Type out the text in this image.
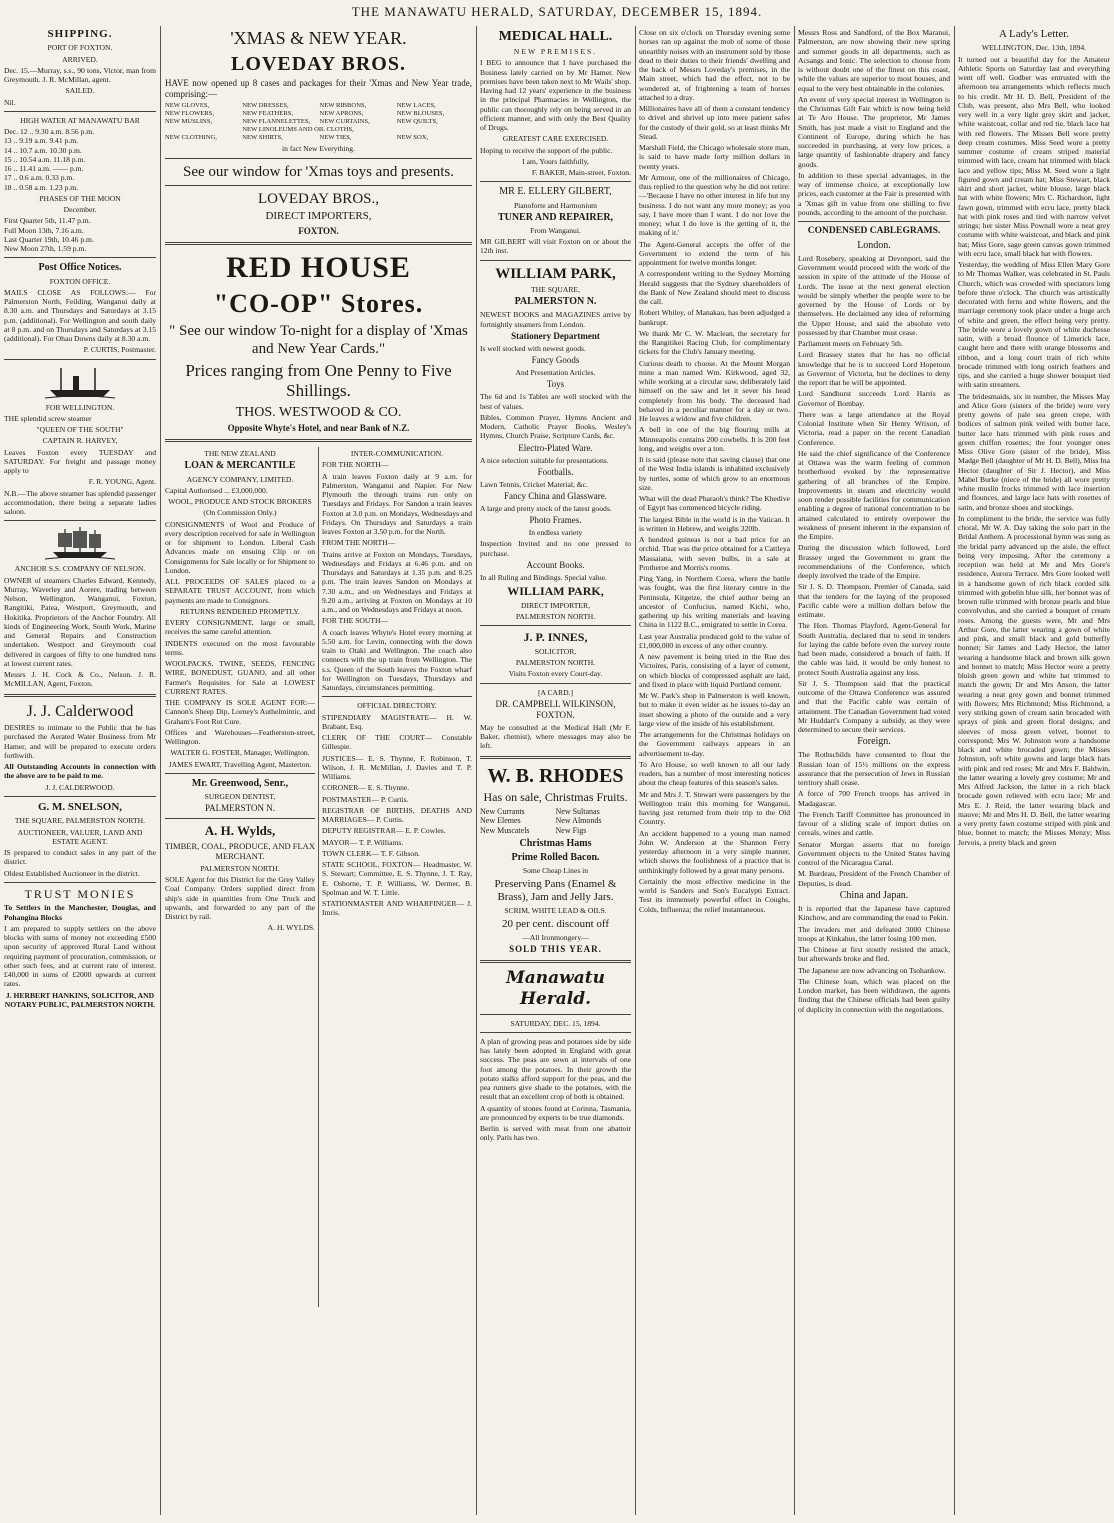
THE MANAWATU HERALD, SATURDAY, DECEMBER 15, 1894.
SHIPPING.
PORT OF FOXTON.
ARRIVED.

Dec. 15.—Murray, s.s., 90 tons, Victor, man from Greymouth. J. R. McMillan, agent.

SAILED.

Nil.

HIGH WATER AT MANAWATU BAR
Dec. 12 .. 9.30 a.m. 8.56 p.m.
13 .. 9.19 a.m. 9.41 p.m.
14 .. 10.7 a.m. 10.30 p.m.
15 .. 10.54 a.m. 11.18 p.m.
16 .. 11.41 a.m. —— p.m.
17 .. 0.6 a.m. 0.33 p.m.
18 .. 0.58 a.m. 1.23 p.m.
PHASES OF THE MOON
December.
First Quarter 5th, 11.47 p.m.
Full Moon 13th, 7.16 a.m.
Last Quarter 19th, 10.46 p.m.
New Moon 27th, 1.59 p.m.
Post Office Notices.
FOXTON OFFICE.

MAILS CLOSE AS FOLLOWS:— For Palmerston North, Feilding, Wanganui daily at 8.30 a.m. and Thursdays and Saturdays at 3.15 p.m. (additional). For Wellington and south daily at 8 p.m. and on Thursdays and Saturdays at 3.15 (additional). For Ohau Downs daily at 8.30 a.m.

P. CURTIS, Postmaster.

FOR WELLINGTON.

THE splendid screw steamer

"QUEEN OF THE SOUTH"
CAPTAIN R. HARVEY,

Leaves Foxton every TUESDAY and SATURDAY. For freight and passage money apply to

F. R. YOUNG, Agent.

N.B.—The above steamer has splendid passenger accommodation, there being a separate ladies saloon.

ANCHOR S.S. COMPANY OF NELSON.

OWNER of steamers Charles Edward, Kennedy, Murray, Waverley and Aorere, trading between Nelson, Wellington, Wanganui, Foxton, Rangitiki, Patea, Westport, Greymouth, and Hokitika. Proprietors of the Anchor Foundry. All kinds of Engineering Work, South Work, Marine and General Repairs and Construction undertaken. Westport and Greymouth coal delivered in cargoes of fifty to one hundred tons at lowest current rates.

Messrs J. H. Cock & Co., Nelson. J. R. McMILLAN, Agent, Foxton.

J. J. Calderwood

DESIRES to intimate to the Public that he has purchased the Aerated Water Business from Mr Hamer, and will be prepared to execute orders forthwith.

All Outstanding Accounts in connection with the above are to be paid to me.

J. J. CALDERWOOD.
G. M. SNELSON,
THE SQUARE, PALMERSTON NORTH.
AUCTIONEER, VALUER, LAND AND ESTATE AGENT.

IS prepared to conduct sales in any part of the district.

Oldest Established Auctioneer in the district.

TRUST MONIES

To Settlers in the Manchester, Douglas, and Pohangina Blocks

I am prepared to supply settlers on the above blocks with sums of money not exceeding £500 upon security of approved Rural Land without requiring payment of procuration, commission, or other such fees, and at current rate of interest. £40,000 in sums of £2000 upwards at current rates.

J. HERBERT HANKINS, SOLICITOR, AND NOTARY PUBLIC, PALMERSTON NORTH.

'XMAS & NEW YEAR.
LOVEDAY BROS.

HAVE now opened up 8 cases and packages for their 'Xmas and New Year trade, comprising:—

NEW GLOVES,	NEW DRESSES,	NEW RIBBONS,	NEW LACES,
NEW FLOWERS,	NEW FEATHERS,	NEW APRONS,	NEW BLOUSES,
NEW MUSLINS,	NEW FLANNELETTES,	NEW CURTAINS,	NEW QUILTS,
NEW LINOLEUMS AND OIL CLOTHS,
NEW CLOTHING,	NEW SHIRTS,	NEW TIES,	NEW SOX,
in fact New Everything.
See our window for 'Xmas toys and presents.
LOVEDAY BROS.,
DIRECT IMPORTERS,
FOXTON.
RED HOUSE
"CO-OP" Stores.
" See our window To-night for a display of 'Xmas and New Year Cards."
Prices ranging from One Penny to Five Shillings.
THOS. WESTWOOD & CO.
Opposite Whyte's Hotel, and near Bank of N.Z.
THE NEW ZEALAND
LOAN & MERCANTILE
AGENCY COMPANY, LIMITED.

Capital Authorised ... £3,000,000.

WOOL, PRODUCE AND STOCK BROKERS
(On Commission Only.)

CONSIGNMENTS of Wool and Produce of every description received for sale in Wellington or for shipment to London. Liberal Cash Advances made on ensuing Clip or on Consignments for Sale locally or for Shipment to London.

ALL PROCEEDS OF SALES placed to a SEPARATE TRUST ACCOUNT, from which payments are made to Consignors.

RETURNS RENDERED PROMPTLY.

EVERY CONSIGNMENT, large or small, receives the same careful attention.

INDENTS executed on the most favourable terms.

WOOLPACKS, TWINE, SEEDS, FENCING WIRE, BONEDUST, GUANO, and all other Farmer's Requisites for Sale at LOWEST CURRENT RATES.

THE COMPANY IS SOLE AGENT FOR:—Cannon's Sheep Dip, Lorney's Authelmintic, and Graham's Foot Rot Cure.

Offices and Warehouses—Featherston-street, Wellington.

WALTER G. FOSTER, Manager, Wellington.
JAMES EWART, Travelling Agent, Masterton.
Mr. Greenwood, Senr.,
SURGEON DENTIST,
PALMERSTON N.
A. H. Wylds,
TIMBER, COAL, PRODUCE, AND FLAX MERCHANT.
PALMERSTON NORTH.

SOLE Agent for this District for the Grey Valley Coal Company. Orders supplied direct from ship's side in quantities from One Truck and upwards, and forwarded to any part of the District by rail.

A. H. WYLDS.

INTER-COMMUNICATION.
FOR THE NORTH—

A train leaves Foxton daily at 9 a.m. for Palmerston, Wanganui and Napier. For New Plymouth the through trains run only on Tuesdays and Fridays. For Sandon a train leaves Foxton at 3.0 p.m. on Mondays, Wednesdays and Fridays. On Thursdays and Saturdays a train leaves Foxton at 3.50 p.m. for the North.

FROM THE NORTH—

Trains arrive at Foxton on Mondays, Tuesdays, Wednesdays and Fridays at 6.46 p.m. and on Thursdays and Saturdays at 1.35 p.m. and 8.25 p.m. The train leaves Sandon on Mondays at 7.30 a.m., and on Wednesdays and Fridays at 9.20 a.m., arriving at Foxton on Mondays at 10 a.m., and on Wednesdays and Fridays at noon.

FOR THE SOUTH—

A coach leaves Whyte's Hotel every morning at 5.50 a.m. for Levin, connecting with the down train to Otaki and Wellington. The coach also connects with the up train from Wellington. The s.s. Queen of the South leaves the Foxton wharf for Wellington on Tuesdays, Thursdays and Saturdays, circumstances permitting.

OFFICIAL DIRECTORY.

STIPENDIARY MAGISTRATE— H. W. Brabant, Esq.

CLERK OF THE COURT— Constable Gillespie.

JUSTICES— E. S. Thynne, F. Robinson, T. Wilson, J. R. McMillan, J. Davies and T. P. Williams.

CORONER— E. S. Thynne.

POSTMASTER— P. Curtis.

REGISTRAR OF BIRTHS, DEATHS AND MARRIAGES— P. Curtis.

DEPUTY REGISTRAR— E. P. Cowles.

MAYOR— T. P. Williams.

TOWN CLERK— T. F. Gibson.

STATE SCHOOL, FOXTON— Headmaster, W. S. Stewart; Committee, E. S. Thynne, J. T. Ray, E. Osborne, T. P. Williams, W. Dermer, B. Spelman and W. T. Little.

STATIONMASTER AND WHARFINGER— J. Imris.

MEDICAL HALL.
NEW PREMISES.

I BEG to announce that I have purchased the Business lately carried on by Mr Hamer. New premises have been taken next to Mr Wails' shop. Having had 12 years' experience in the business in the principal Pharmacies in Wellington, the public can thoroughly rely on being served in an efficient manner, and with only the Best Quality of Drugs.

GREATEST CARE EXERCISED.

Hoping to receive the support of the public.

I am, Yours faithfully,

F. BAKER, Main-street, Foxton.

MR E. ELLERY GILBERT,
Pianoforte and Harmonium
TUNER AND REPAIRER,
From Wanganui.

MR GILBERT will visit Foxton on or about the 12th inst.

WILLIAM PARK,
THE SQUARE,
PALMERSTON N.

NEWEST BOOKS and MAGAZINES arrive by fortnightly steamers from London.

Stationery Department

Is well stocked with newest goods.

Fancy Goods
And Presentation Articles.
Toys

The 6d and 1s Tables are well stocked with the best of values.

Bibles, Common Prayer, Hymns Ancient and Modern, Catholic Prayer Books, Wesley's Hymns, Church Praise, Scripture Cards, &c.

Electro-Plated Ware.

A nice selection suitable for presentations.

Footballs.

Lawn Tennis, Cricket Material, &c.

Fancy China and Glassware.

A large and pretty stock of the latest goods.

Photo Frames.
In endless variety

Inspection Invited and no one pressed to purchase.

Account Books.

In all Ruling and Bindings. Special value.

WILLIAM PARK,
DIRECT IMPORTER,
PALMERSTON NORTH.
J. P. INNES,
SOLICITOR,
PALMERSTON NORTH.
Visits Foxton every Court-day.
[A CARD.]
DR. CAMPBELL WILKINSON, FOXTON.

May be consulted at the Medical Hall (Mr F. Baker, chemist), where messages may also be left.

W. B. RHODES
Has on sale, Christmas Fruits.
New Currants	New Sultanas
New Elemes	New Almonds
New Muscatels	New Figs
Christmas Hams
Prime Rolled Bacon.
Some Cheap Lines in
Preserving Pans (Enamel & Brass), Jam and Jelly Jars.
SCRIM, WHITE LEAD & OILS.
20 per cent. discount off
—All Ironmongery—
SOLD THIS YEAR.
Manawatu Herald.
SATURDAY, DEC. 15, 1894.

A plan of growing peas and potatoes side by side has lately been adopted in England with great success. The peas are sown at intervals of one foot among the potatoes. In their growth the potato stalks afford support for the peas, and the pea runners give shade to the potatoes, with the result that an excellent crop of both is obtained.

A quantity of stones found at Corinna, Tasmania, are pronounced by experts to be true diamonds.

Berlin is served with meat from one abattoir only. Paris has two.

Close on six o'clock on Thursday evening some horses ran up against the mob of some of those unearthly noises with an instrument sold by those dead to their duties to their friends' dwelling and the back of Messrs Loveday's premises, in the Main street, which had the effect, not to be wondered at, of frightening a team of horses attached to a dray.

Millionaires have all of them a constant tendency to drivel and shrivel up into mere patient safes for the custody of their gold, so at least thinks Mr Stead.

Marshall Field, the Chicago wholesale store man, is said to have made forty million dollars in twenty years.

Mr Armour, one of the millionaires of Chicago, thus replied to the question why he did not retire:—'Because I have no other interest in life but my business. I do not want any more money; as you say, I have more than I want. I do not love the money; what I do love is the getting of it, the making of it.'

The Agent-General accepts the offer of the Government to extend the term of his appointment for twelve months longer.

A correspondent writing to the Sydney Morning Herald suggests that the Sydney shareholders of the Bank of New Zealand should meet to discuss the call.

Robert Whiley, of Manakau, has been adjudged a bankrupt.

We thank Mr C. W. Maclean, the secretary for the Rangitikei Racing Club, for complimentary tickets for the Club's January meeting.

Curious death to choose. At the Mount Morgan mine a man named Wm. Kirkwood, aged 32, while working at a circular saw, deliberately laid himself on the saw and let it sever his head completely from his body. The deceased had behaved in a peculiar manner for a day or two. He leaves a widow and five children.

A bell in one of the big flouring mills at Minneapolis contains 200 cowbells. It is 200 feet long, and weighs over a ton.

It is said (please note that saving clause) that one of the West India islands is inhabited exclusively by turtles, some of which grow to an enormous size.

What will the dead Pharaoh's think? The Khedive of Egypt has commenced bicycle riding.

The largest Bible in the world is in the Vatican. It is written in Hebrew, and weighs 320lb.

A hundred guineas is not a bad price for an orchid. That was the price obtained for a Cattleya Massaiana, with seven bulbs, in a sale at Protheroe and Morris's rooms.

Ping Yang, in Northern Corea, where the battle was fought, was the first literary centre in the Peninsula, Kitgetze, the chief author being an ancestor of Confucius, named Kichi, who, gathering up his writing materials and leaving China in 1122 B.C., emigrated to settle in Corea.

Last year Australia produced gold to the value of £1,000,000 in excess of any other country.

A new pavement is being tried in the Rue des Victoires, Paris, consisting of a layer of cement, on which blocks of compressed asphalt are laid, and fixed in place with liquid Portland cement.

Mr W. Park's shop in Palmerston is well known, but to make it even wider as he issues to-day an inset showing a photo of the outside and a very large view of the inside of his establishment.

The arrangements for the Christmas holidays on the Government railways appears in an advertisement to-day.

To Aro House, so well known to all our lady readers, has a number of most interesting notices about the cheap features of this season's sales.

Mr and Mrs J. T. Stewart were passengers by the Wellington train this morning for Wanganui, having just returned from their trip to the Old Country.

An accident happened to a young man named John W. Anderson at the Shannon Ferry yesterday afternoon in a very simple manner, which shows the foolishness of a practice that is unthinkingly followed by a great many persons.

Certainly the most effective medicine in the world is Sanders and Son's Eucalypti Extract. Test its immensely powerful effect in Coughs, Colds, Influenza; the relief instantaneous.

Messrs Ross and Sandford, of the Box Maranui, Palmerston, are now showing their new spring and summer goods in all departments, such as Acsangs and Ionic. The selection to choose from is without doubt one of the finest on this coast, while the values are superior to most houses, and equal to the very best obtainable in the colonies.

An event of very special interest in Wellington is the Christmas Gift Fair which is now being held at Te Aro House. The proprietor, Mr James Smith, has just made a visit to England and the Continent of Europe, during which he has succeeded in purchasing, at very low prices, a large quantity of fashionable drapery and fancy goods.

In addition to these special advantages, in the way of immense choice, at exceptionally low prices, each customer at the Fair is presented with a 'Xmas gift in value from one shilling to five pounds, according to the amount of the purchase.

CONDENSED CABLEGRAMS.
London.

Lord Rosebery, speaking at Devonport, said the Government would proceed with the work of the session in spite of the attitude of the House of Lords. The issue at the next general election would be simply whether the people were to be governed by the House of Lords or by themselves. He declaimed any idea of reforming the Upper House, and said the absolute veto possessed by that Chamber must cease.

Parliament meets on February 5th.

Lord Brassey states that he has no official knowledge that he is to succeed Lord Hopetoun as Governor of Victoria, but he declines to deny the report that he will be appointed.

Lord Sandhurst succeeds Lord Harris as Governor of Bombay.

There was a large attendance at the Royal Colonial Institute when Sir Henry Wrixon, of Victoria, read a paper on the recent Canadian Conference.

He said the chief significance of the Conference at Ottawa was the warm feeling of common brotherhood evoked by the representative gathering of all branches of the Empire. Improvements in steam and electricity would soon render possible facilities for communication enabling a degree of national concentration to be attained calculated to entirely overpower the weakness of present inherent in the expansion of the Empire.

During the discussion which followed, Lord Brassey urged the Government to grant the recommendations of the Conference, which deeply involved the trade of the Empire.

Sir J. S. D. Thompson, Premier of Canada, said that the tenders for the laying of the proposed Pacific cable were a million dollars below the estimate.

The Hon. Thomas Playford, Agent-General for South Australia, declared that to send in tenders for laying the cable before even the survey route had been made, considered a breach of faith. If the cable was laid, it would be only honest to protect South Australia against any loss.

Sir J. S. Thompson said that the practical outcome of the Ottawa Conference was assured and that the Pacific cable was certain of attainment. The Canadian Government had voted Mr Huddart's Company a subsidy, as they were determined to secure their services.

Foreign.

The Rothschilds have consented to float the Russian loan of 15½ millions on the express assurance that the persecution of Jews in Russian territory shall cease.

A force of 700 French troops has arrived in Madagascar.

The French Tariff Committee has pronounced in favour of a sliding scale of import duties on cereals, wines and cattle.

Senator Morgan asserts that no foreign Government objects to the United States having control of the Nicaragua Canal.

M. Burdeau, President of the French Chamber of Deputies, is dead.

China and Japan.

It is reported that the Japanese have captured Kinchow, and are commanding the road to Pekin.

The invaders met and defeated 3000 Chinese troops at Kinkahus, the latter losing 100 men.

The Chinese at first stoutly resisted the attack, but afterwards broke and fled.

The Japanese are now advancing on Tsohankow.

The Chinese loan, which was placed on the London market, has been withdrawn, the agents finding that the Chinese officials had been guilty of duplicity in connection with the negotiations.

A Lady's Letter.
WELLINGTON, Dec. 13th, 1894.

It turned out a beautiful day for the Amateur Athletic Sports on Saturday last and everything went off well. Godber was entrusted with the afternoon tea arrangements which reflects much to his credit. Mr H. D. Bell, President of the Club, was present, also Mrs Bell, who looked very well in a very light grey skirt and jacket, white waistcoat, collar and red tie, black lace hat with red flowers. The Misses Bell wore pretty deep cream costumes. Miss Seed wore a pretty summer costume of cream striped material trimmed with lace, cream hat trimmed with black lace and yellow tips; Miss M. Seed wore a light figured gown and cream hat; Miss Stewart, black skirt and short jacket, white blouse, large black hat with white flowers; Mrs C. Richardson, light fawn gown, trimmed with ecru lace, pretty black hat with pink roses and tied with narrow velvet strings; her sister Miss Pownall wore a neat grey costume with white waistcoat, and black and pink hat; Miss Gore, sage green canvas gown trimmed with ecru lace, small black hat with flowers.

Yesterday, the wedding of Miss Ellen Mary Gore to Mr Thomas Walker, was celebrated in St. Pauls Church, which was crowded with spectators long before three o'clock. The church was artistically decorated with ferns and white flowers, and the marriage ceremony took place under a huge arch of white and green, the effect being very pretty. The bride wore a lovely gown of white duchesse satin, with a broad flounce of Limerick lace, caught here and there with orange blossoms and ribbon, and a long court train of rich white brocade trimmed with long ostrich feathers and tips, and she carried a huge shower bouquet tied with satin streamers.

The bridesmaids, six in number, the Misses May and Alice Gore (sisters of the bride) wore very pretty gowns of pale sea green crepe, with bodices of salmon pink veiled with butter lace, butter lace hats trimmed with pink roses and green chiffon rosettes; the four younger ones Miss Olive Gore (sister of the bride), Miss Madge Bell (daughter of Mr H. D. Bell), Miss Ina Hector (daughter of Sir J. Hector), and Miss Mabel Burke (niece of the bride) all wore pretty white muslin frocks trimmed with lace insertion and flounces, and large lace hats with rosettes of satin, and bronze shoes and stockings.

In compliment to the bride, the service was fully choral, Mr W. A. Day taking the solo part in the Bridal Anthem. A processional hymn was sung as the bridal party advanced up the aisle, the effect being very imposing. After the ceremony a reception was held at Mr and Mrs Gore's residence, Aurora Terrace. Mrs Gore looked well in a handsome gown of rich black corded silk trimmed with gobelin blue silk, her bonnet was of brown tulle trimmed with bronze pearls and blue convolvulus, and she carried a bouquet of cream roses. Among the guests were, Mr and Mrs Arthur Gore, the latter wearing a gown of white and pink, and small black and gold butterfly bonnet; Sir James and Lady Hector, the latter wearing a handsome black and brown silk gown and bonnet to match; Miss Hector wore a pretty bluish green gown and white hat trimmed to match the gown; Dr and Mrs Anson, the latter wearing a neat grey gown and bonnet trimmed with flowers; Mrs Richmond; Miss Richmond, a very striking gown of cream satin brocaded with sprays of pink and green floral designs, and sleeves of moss green velvet, bonnet to correspond; Mrs W. Johnston wore a handsome black and white brocaded gown; the Misses Johnston, soft white gowns and large black hats with pink and red roses; Mr and Mrs F. Baldwin, the latter wearing a lovely grey costume; Mr and Mrs Alfred Jackson, the latter in a rich black brocade gown relieved with ecru lace; Mr and Mrs E. J. Reid, the latter wearing black and mauve; Mr and Mrs H. D. Bell, the latter wearing a very pretty fawn costume striped with pink and blue, bonnet to match; the Misses Menzy; Miss Jervois, a pretty black and green
